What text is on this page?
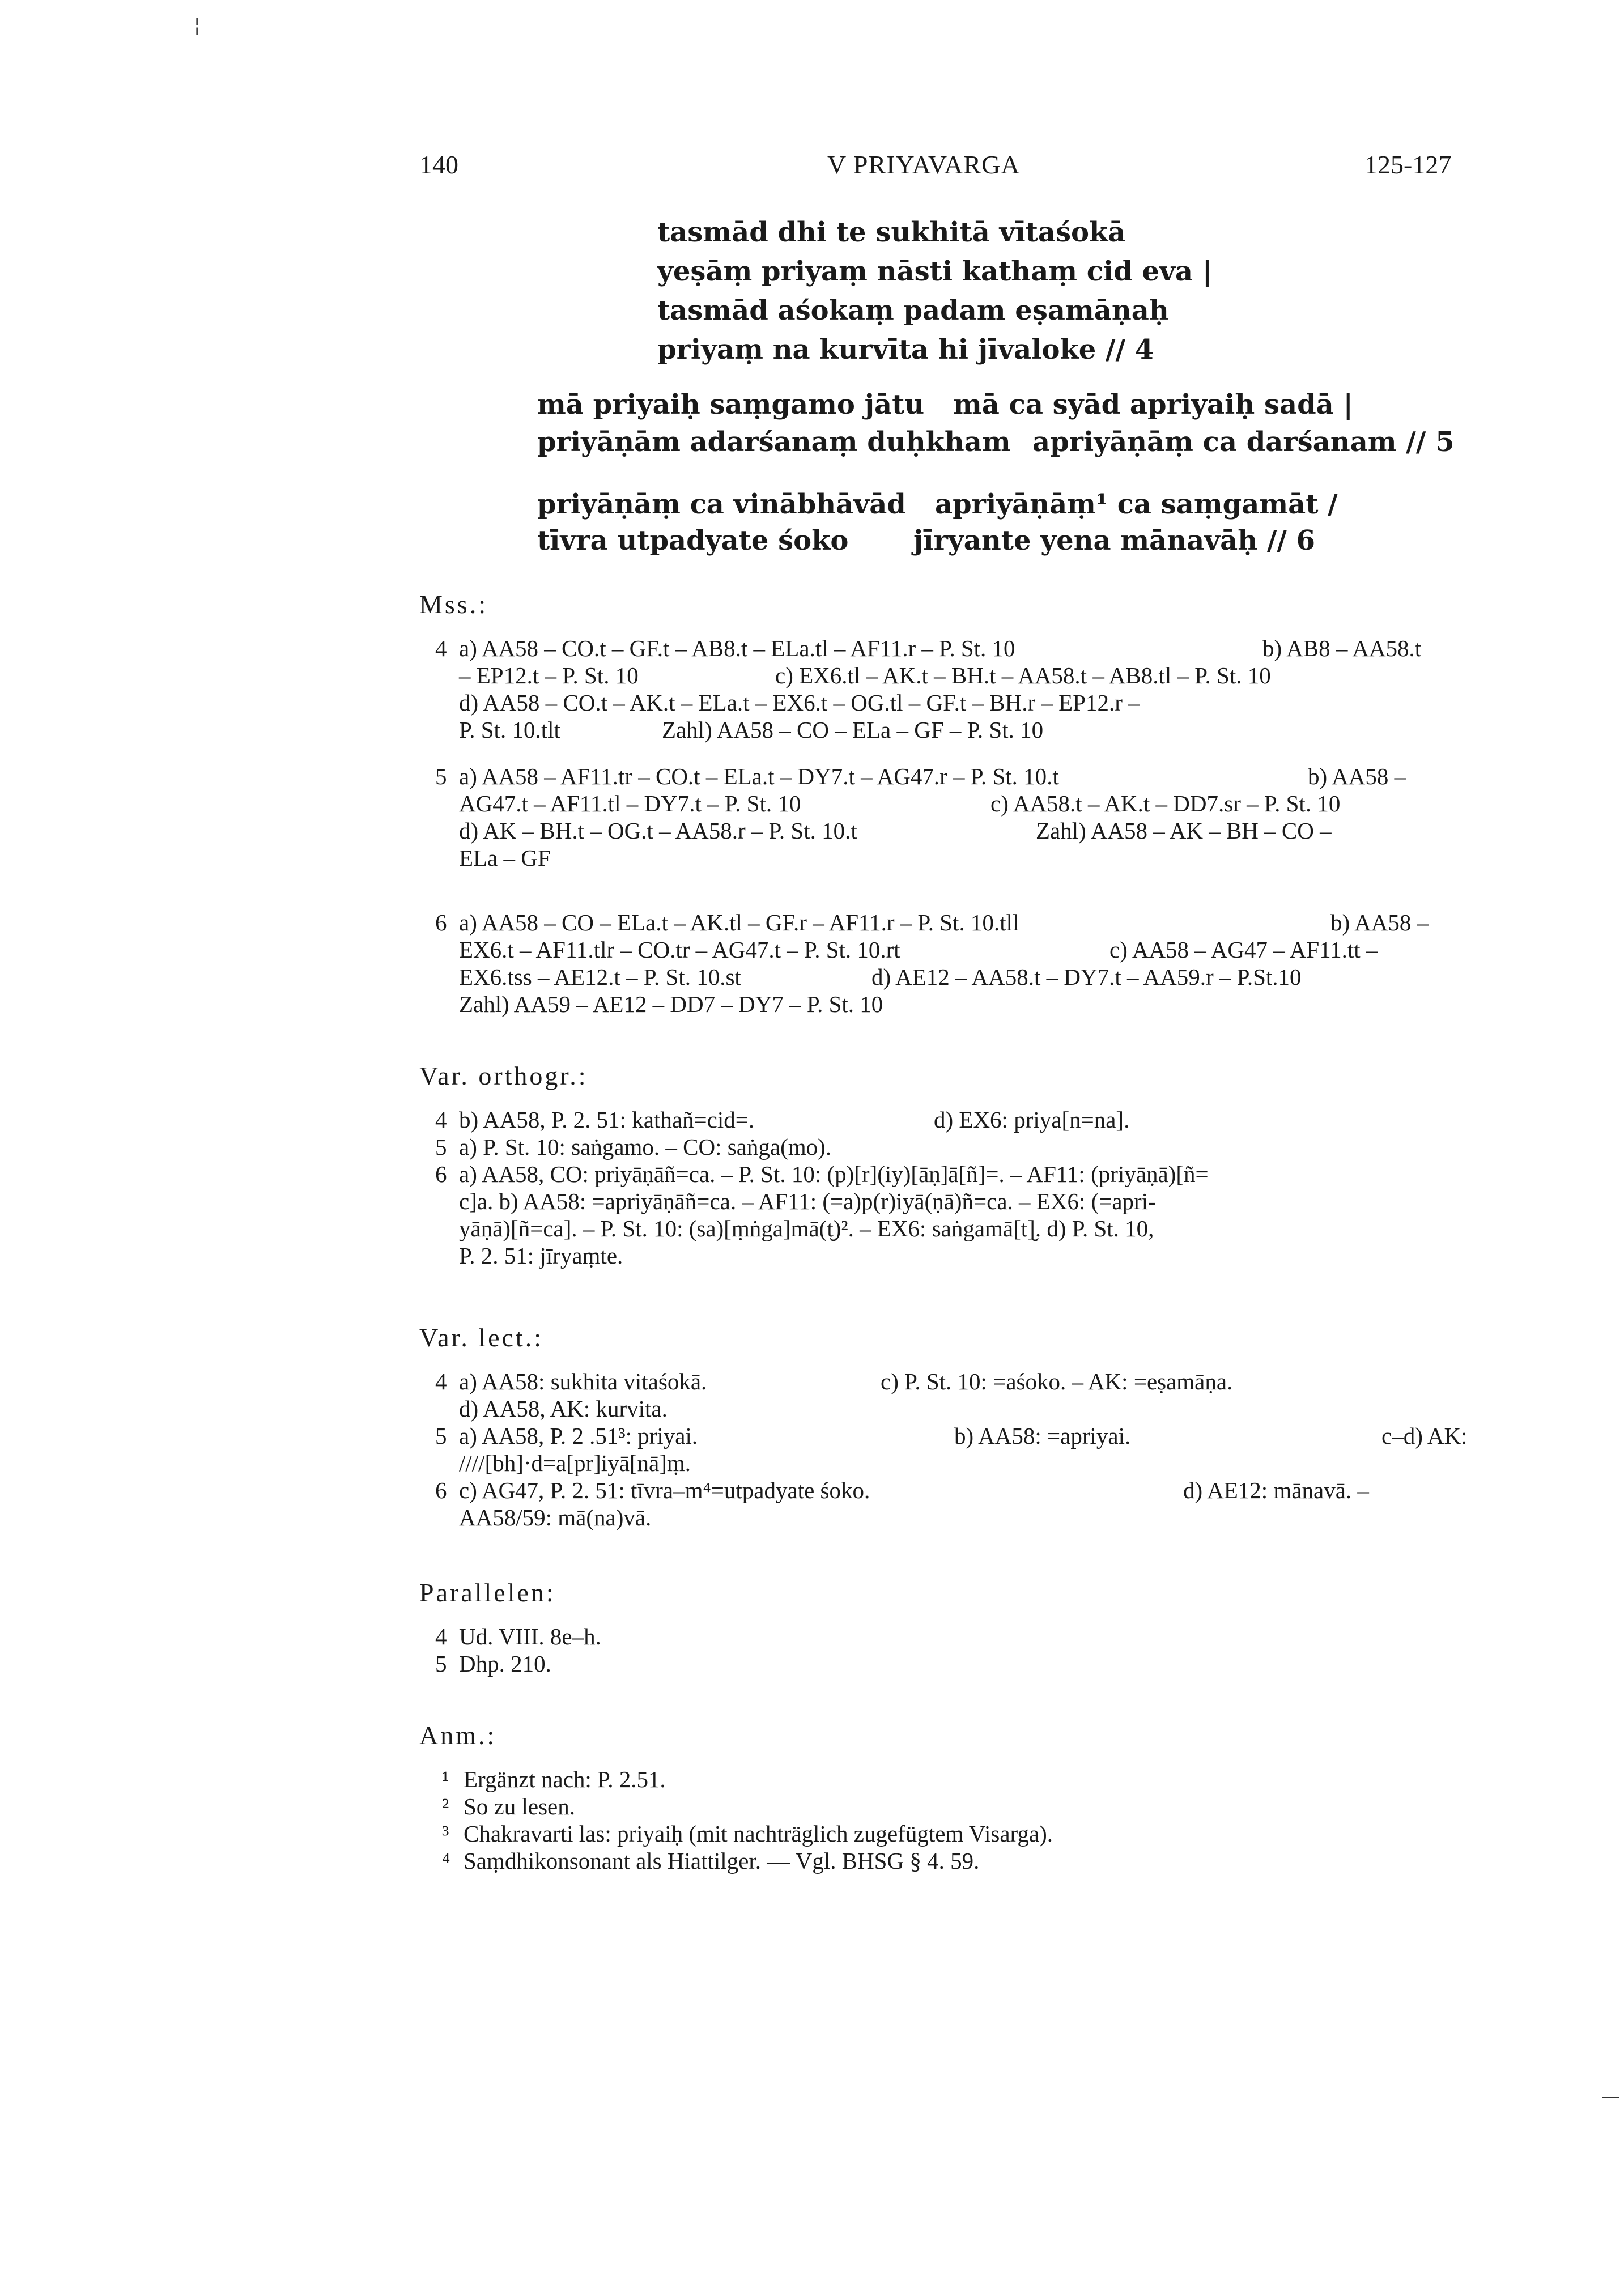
¦
140	V PRIYAVARGA	125-127
tasmād dhi te sukhitā vītaśokā
yeṣāṃ priyaṃ nāsti kathaṃ cid eva |
tasmād aśokaṃ padam eṣamāṇaḥ
priyaṃ na kurvīta hi jīvaloke // 4
mā priyaiḥ saṃgamo jātu mā ca syād apriyaiḥ sadā |
priyāṇām adarśanaṃ duḥkham apriyāṇāṃ ca darśanam // 5
priyāṇāṃ ca vinābhāvād apriyāṇāṃ¹ ca saṃgamāt /
tīvra utpadyate śoko jīryante yena mānavāḥ // 6
Mss.:
4 a) AA58 – CO.t – GF.t – AB8.t – ELa.tl – AF11.r – P. St. 10	b) AB8 – AA58.t
– EP12.t – P. St. 10	c) EX6.tl – AK.t – BH.t – AA58.t – AB8.tl – P. St. 10
d) AA58 – CO.t – AK.t – ELa.t – EX6.t – OG.tl – GF.t – BH.r – EP12.r –
P. St. 10.tlt	Zahl) AA58 – CO – ELa – GF – P. St. 10
5 a) AA58 – AF11.tr – CO.t – ELa.t – DY7.t – AG47.r – P. St. 10.t	b) AA58 –
AG47.t – AF11.tl – DY7.t – P. St. 10	c) AA58.t – AK.t – DD7.sr – P. St. 10
d) AK – BH.t – OG.t – AA58.r – P. St. 10.t	Zahl) AA58 – AK – BH – CO –
ELa – GF
6 a) AA58 – CO – ELa.t – AK.tl – GF.r – AF11.r – P. St. 10.tll	b) AA58 –
EX6.t – AF11.tlr – CO.tr – AG47.t – P. St. 10.rt	c) AA58 – AG47 – AF11.tt –
EX6.tss – AE12.t – P. St. 10.st	d) AE12 – AA58.t – DY7.t – AA59.r – P.St.10
Zahl) AA59 – AE12 – DD7 – DY7 – P. St. 10
Var. orthogr.:
4 b) AA58, P. 2. 51: kathañ=cid=.	d) EX6: priya[n=na].
5 a) P. St. 10: saṅgamo. – CO: saṅga(mo).
6 a) AA58, CO: priyāṇāñ=ca. – P. St. 10: (p)[r](iy)[āṇ]ā[ñ]=. – AF11: (priyāṇā)[ñ=
c]a. b) AA58: =apriyāṇāñ=ca. – AF11: (=a)p(r)iyā(ṇā)ñ=ca. – EX6: (=apri-
yāṇā)[ñ=ca]. – P. St. 10: (sa)[ṃṅga]mā(t̮)². – EX6: saṅgamā[t]̮. d) P. St. 10,
P. 2. 51: jīryaṃte.
Var. lect.:
4 a) AA58: sukhita vitaśokā.	c) P. St. 10: =aśoko. – AK: =eṣamāṇa.
d) AA58, AK: kurvita.
5 a) AA58, P. 2 .51³: priyai.	b) AA58: =apriyai.	c–d) AK:
////[bh]·d=a[pr]iyā[nā]ṃ.
6 c) AG47, P. 2. 51: tīvra–m⁴=utpadyate śoko.	d) AE12: mānavā. –
AA58/59: mā(na)vā.
Parallelen:
4 Ud. VIII. 8e–h.
5 Dhp. 210.
Anm.:
¹ Ergänzt nach: P. 2.51.
² So zu lesen.
³ Chakravarti las: priyaiḥ (mit nachträglich zugefügtem Visarga).
⁴ Saṃdhikonsonant als Hiattilger. — Vgl. BHSG § 4. 59.
